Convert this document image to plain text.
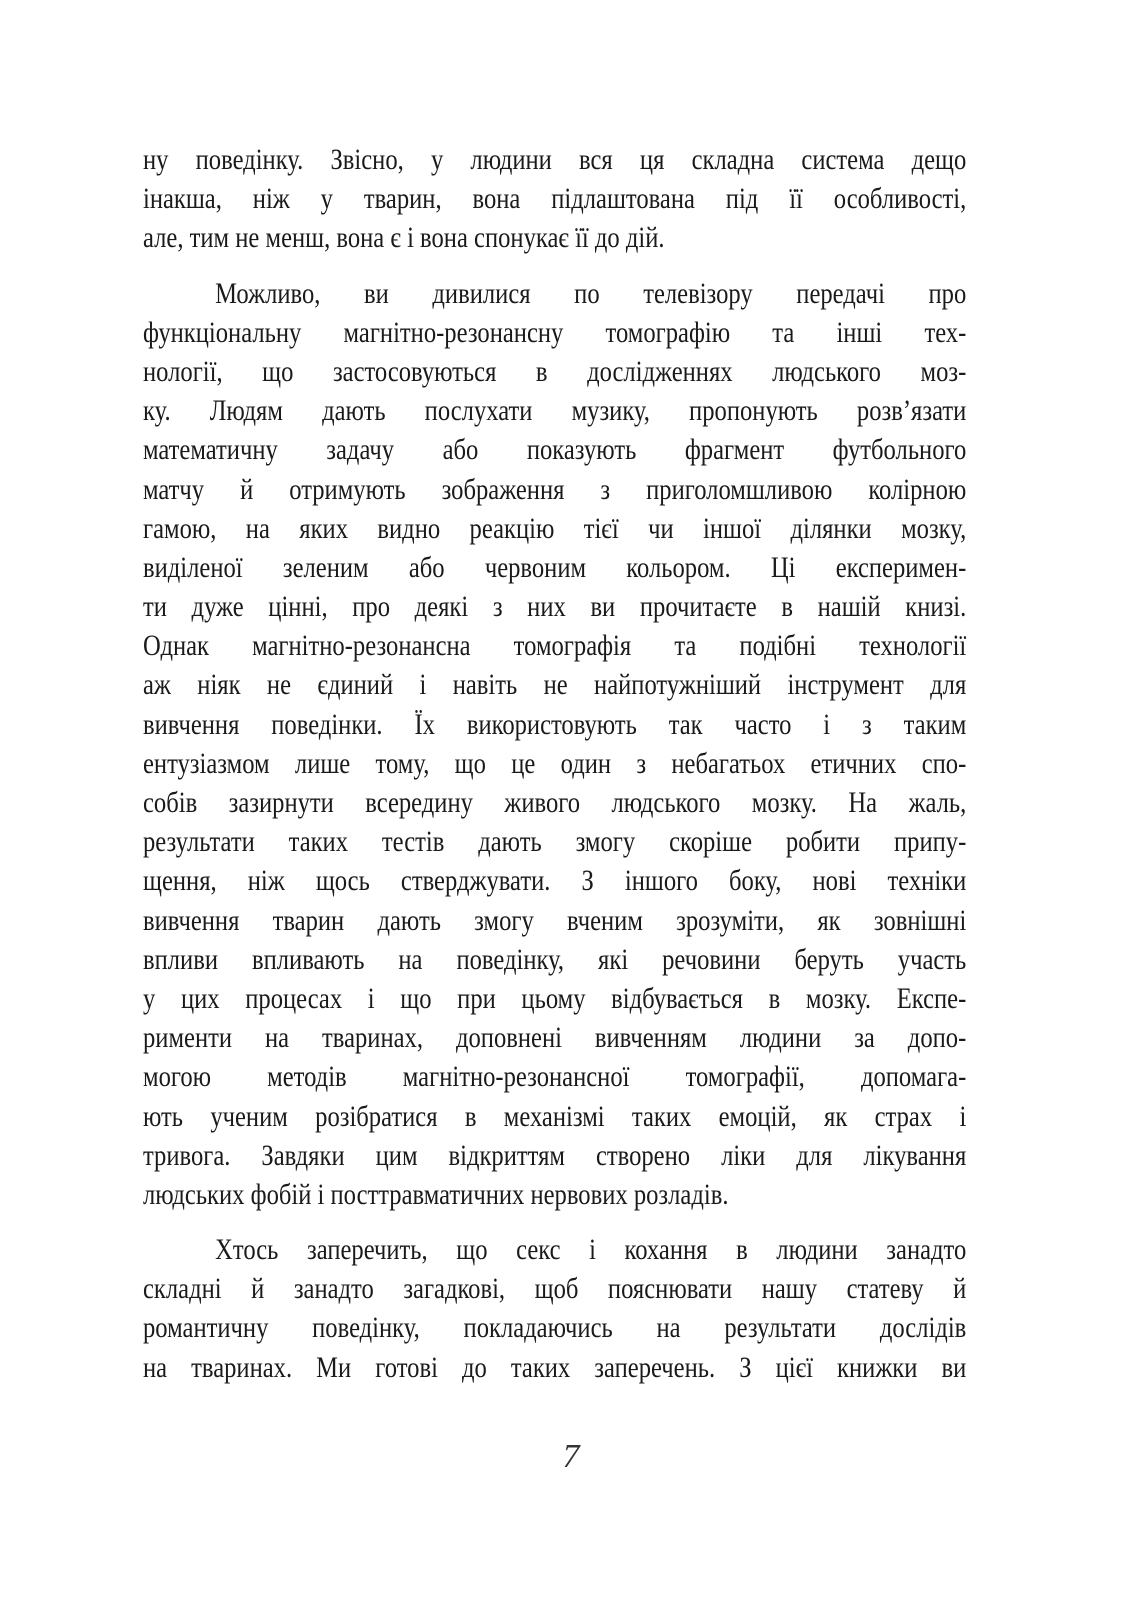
ну поведінку. Звісно, у людини вся ця складна система дещо
інакша, ніж у тварин, вона підлаштована під її особливості,
але, тим не менш, вона є і вона спонукає її до дій.
Можливо, ви дивилися по телевізору передачі про
функціональну магнітно-резонансну томографію та інші тех-
нології, що застосовуються в дослідженнях людського моз-
ку. Людям дають послухати музику, пропонують розв’язати
математичну задачу або показують фрагмент футбольного
матчу й отримують зображення з приголомшливою колірною
гамою, на яких видно реакцію тієї чи іншої ділянки мозку,
виділеної зеленим або червоним кольором. Ці експеримен-
ти дуже цінні, про деякі з них ви прочитаєте в нашій книзі.
Однак магнітно-резонансна томографія та подібні технології
аж ніяк не єдиний і навіть не найпотужніший інструмент для
вивчення поведінки. Їх використовують так часто і з таким
ентузіазмом лише тому, що це один з небагатьох етичних спо-
собів зазирнути всередину живого людського мозку. На жаль,
результати таких тестів дають змогу скоріше робити припу-
щення, ніж щось стверджувати. З іншого боку, нові техніки
вивчення тварин дають змогу вченим зрозуміти, як зовнішні
впливи впливають на поведінку, які речовини беруть участь
у цих процесах і що при цьому відбувається в мозку. Експе-
рименти на тваринах, доповнені вивченням людини за допо-
могою методів магнітно-резонансної томографії, допомага-
ють ученим розібратися в механізмі таких емоцій, як страх і
тривога. Завдяки цим відкриттям створено ліки для лікування
людських фобій і посттравматичних нервових розладів.
Хтось заперечить, що секс і кохання в людини занадто
складні й занадто загадкові, щоб пояснювати нашу статеву й
романтичну поведінку, покладаючись на результати дослідів
на тваринах. Ми готові до таких заперечень. З цієї книжки ви
7
